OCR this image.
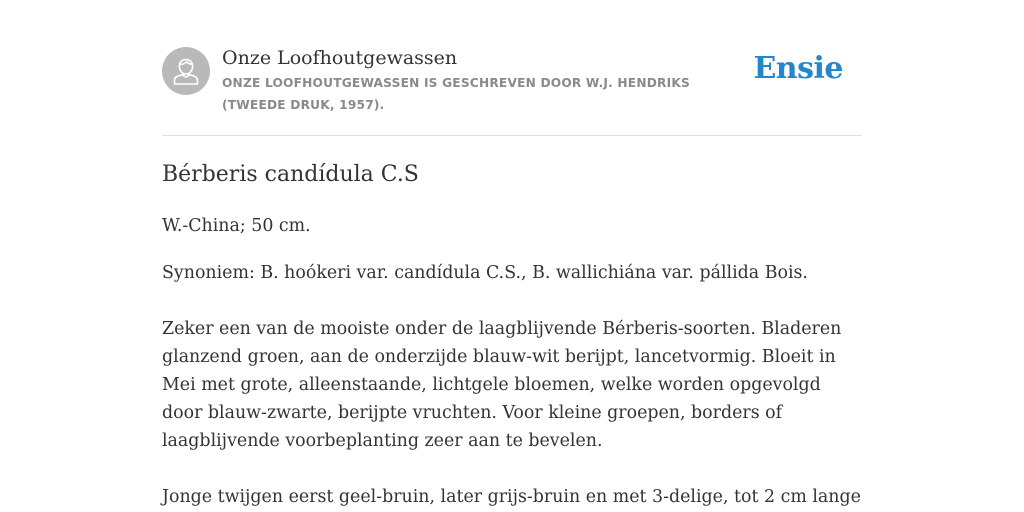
Onze Loofhoutgewassen
ONZE LOOFHOUTGEWASSEN IS GESCHREVEN DOOR W.J. HENDRIKS (TWEEDE DRUK, 1957).
Ensie
Bérberis candídula C.S

W.-China; 50 cm.

Synoniem: B. hoókeri var. candídula C.S., B. wallichiána var. pállida Bois.

Zeker een van de mooiste onder de laagblijvende Bérberis-soorten. Bladeren glanzend groen, aan de onderzijde blauw-wit berijpt, lancetvormig. Bloeit in Mei met grote, alleenstaande, lichtgele bloemen, welke worden opgevolgd door blauw-zwarte, berijpte vruchten. Voor kleine groepen, borders of laagblijvende voorbeplanting zeer aan te bevelen.

Jonge twijgen eerst geel-bruin, later grijs-bruin en met 3-delige, tot 2 cm lange
